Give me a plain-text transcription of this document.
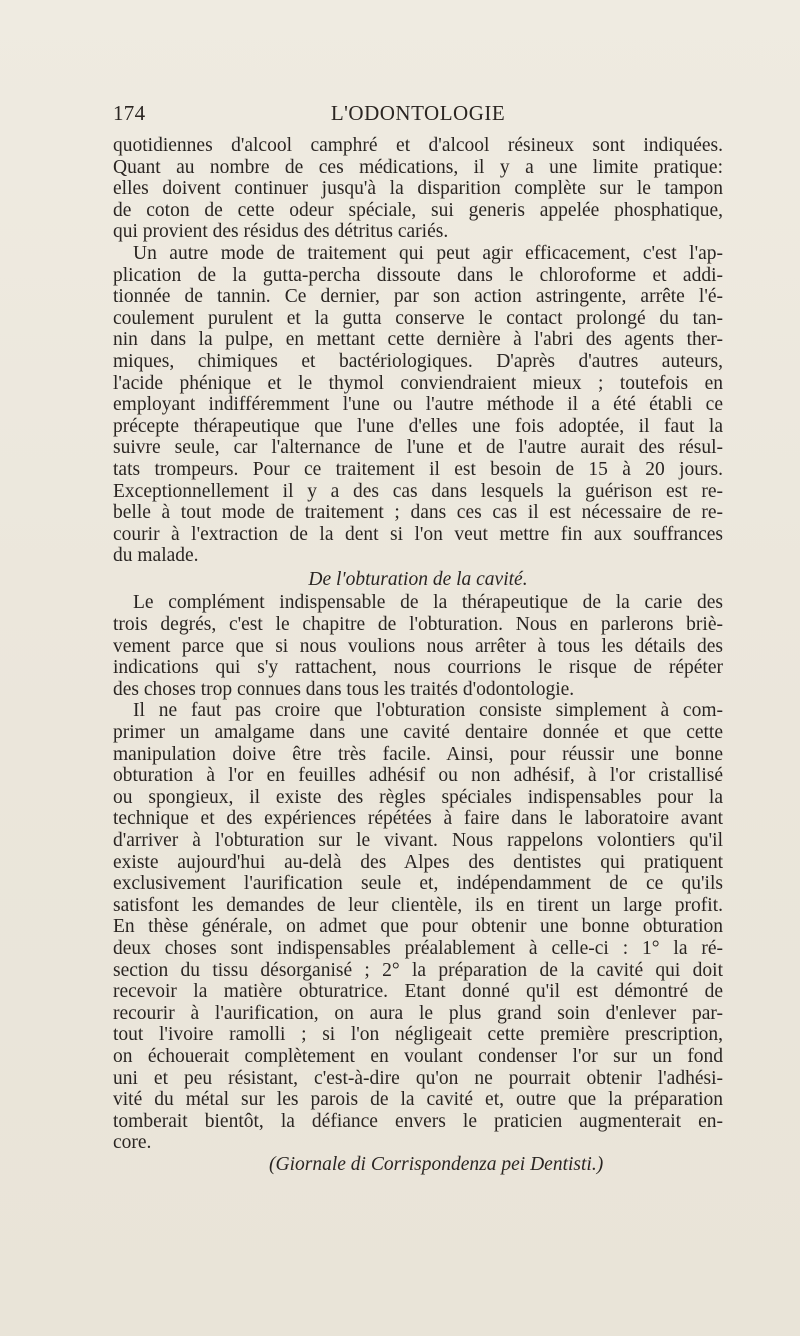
174	L'ODONTOLOGIE
quotidiennes d'alcool camphré et d'alcool résineux sont indiquées.
Quant au nombre de ces médications, il y a une limite pratique:
elles doivent continuer jusqu'à la disparition complète sur le tampon
de coton de cette odeur spéciale, sui generis appelée phosphatique,
qui provient des résidus des détritus cariés.
Un autre mode de traitement qui peut agir efficacement, c'est l'ap-
plication de la gutta-percha dissoute dans le chloroforme et addi-
tionnée de tannin. Ce dernier, par son action astringente, arrête l'é-
coulement purulent et la gutta conserve le contact prolongé du tan-
nin dans la pulpe, en mettant cette dernière à l'abri des agents ther-
miques, chimiques et bactériologiques. D'après d'autres auteurs,
l'acide phénique et le thymol conviendraient mieux ; toutefois en
employant indifféremment l'une ou l'autre méthode il a été établi ce
précepte thérapeutique que l'une d'elles une fois adoptée, il faut la
suivre seule, car l'alternance de l'une et de l'autre aurait des résul-
tats trompeurs. Pour ce traitement il est besoin de 15 à 20 jours.
Exceptionnellement il y a des cas dans lesquels la guérison est re-
belle à tout mode de traitement ; dans ces cas il est nécessaire de re-
courir à l'extraction de la dent si l'on veut mettre fin aux souffrances
du malade.
De l'obturation de la cavité.
Le complément indispensable de la thérapeutique de la carie des
trois degrés, c'est le chapitre de l'obturation. Nous en parlerons briè-
vement parce que si nous voulions nous arrêter à tous les détails des
indications qui s'y rattachent, nous courrions le risque de répéter
des choses trop connues dans tous les traités d'odontologie.
Il ne faut pas croire que l'obturation consiste simplement à com-
primer un amalgame dans une cavité dentaire donnée et que cette
manipulation doive être très facile. Ainsi, pour réussir une bonne
obturation à l'or en feuilles adhésif ou non adhésif, à l'or cristallisé
ou spongieux, il existe des règles spéciales indispensables pour la
technique et des expériences répétées à faire dans le laboratoire avant
d'arriver à l'obturation sur le vivant. Nous rappelons volontiers qu'il
existe aujourd'hui au-delà des Alpes des dentistes qui pratiquent
exclusivement l'aurification seule et, indépendamment de ce qu'ils
satisfont les demandes de leur clientèle, ils en tirent un large profit.
En thèse générale, on admet que pour obtenir une bonne obturation
deux choses sont indispensables préalablement à celle-ci : 1° la ré-
section du tissu désorganisé ; 2° la préparation de la cavité qui doit
recevoir la matière obturatrice. Etant donné qu'il est démontré de
recourir à l'aurification, on aura le plus grand soin d'enlever par-
tout l'ivoire ramolli ; si l'on négligeait cette première prescription,
on échouerait complètement en voulant condenser l'or sur un fond
uni et peu résistant, c'est-à-dire qu'on ne pourrait obtenir l'adhési-
vité du métal sur les parois de la cavité et, outre que la préparation
tomberait bientôt, la défiance envers le praticien augmenterait en-
core.
(Giornale di Corrispondenza pei Dentisti.)
